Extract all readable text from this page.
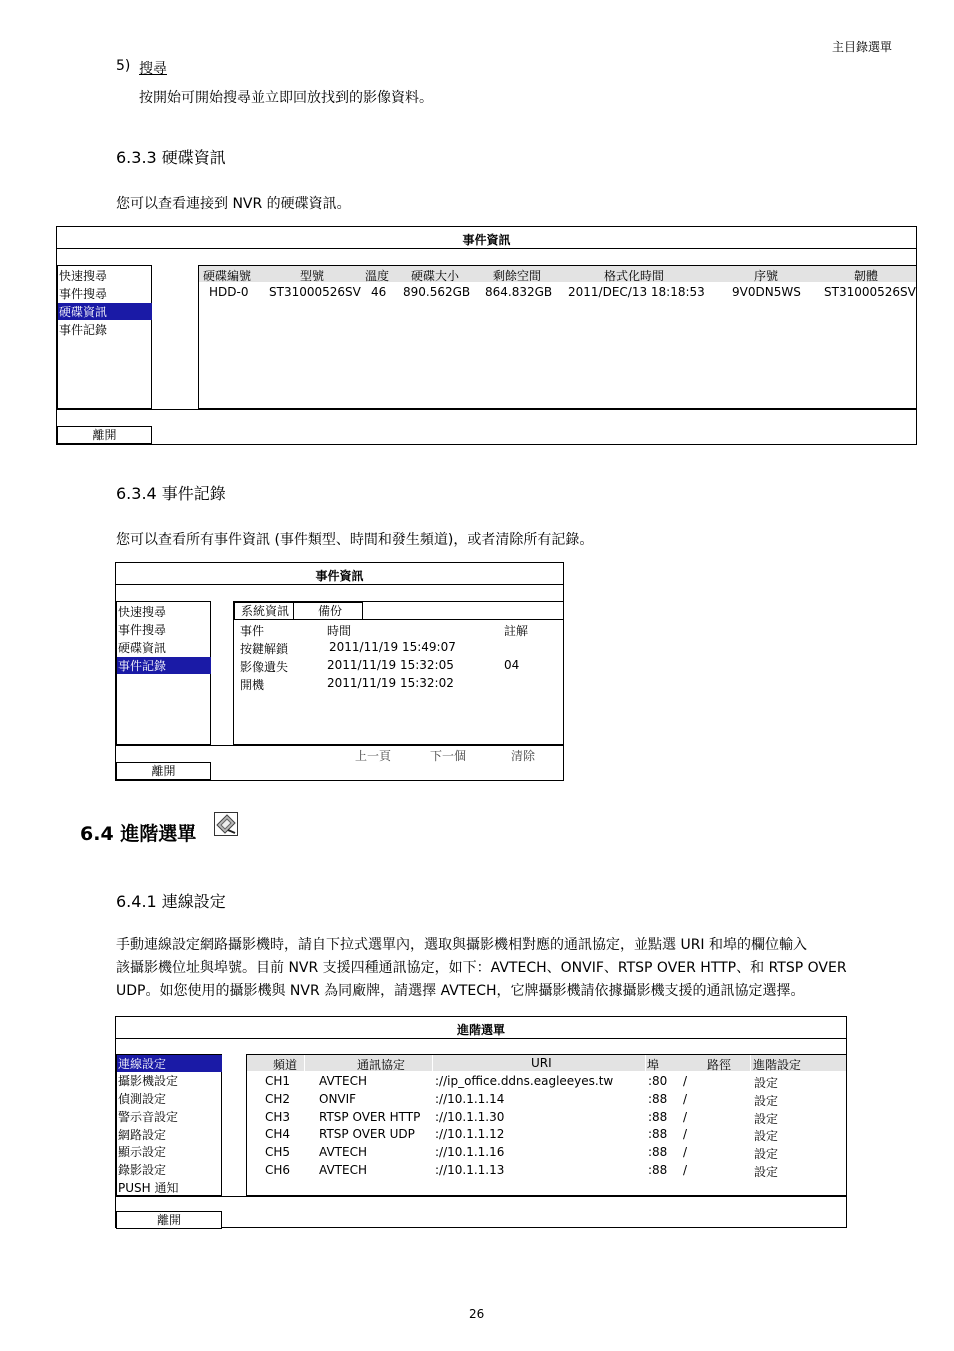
主目錄選單
5) 搜尋
按開始可開始搜尋並立即回放找到的影像資料。
6.3.3 硬碟資訊
您可以查看連接到 NVR 的硬碟資訊。
事件資訊
快速搜尋
事件搜尋
硬碟資訊
事件記錄
硬碟編號	型號	溫度 硬碟大小	剩餘空間	格式化時間	序號	韌體
HDD-0 ST31000526SV 46 890.562GB 864.832GB 2011/DEC/13 18:18:53 9V0DN5WS ST31000526SV
離開
6.3.4 事件記錄
您可以查看所有事件資訊 (事件類型、時間和發生頻道)，或者清除所有記錄。
事件資訊
快速搜尋
事件搜尋
硬碟資訊
事件記錄
系統資訊	備份
事件	時間	註解
按鍵解鎖	2011/11/19 15:49:07
影像遺失	2011/11/19 15:32:05	04
開機	2011/11/19 15:32:02
上一頁	下一個	清除
離開
6.4 進階選單
6.4.1 連線設定
手動連線設定網路攝影機時，請自下拉式選單內，選取與攝影機相對應的通訊協定，並點選 URI 和埠的欄位輸入
該攝影機位址與埠號。目前 NVR 支援四種通訊協定，如下：AVTECH、ONVIF、RTSP OVER HTTP、和 RTSP OVER
UDP。如您使用的攝影機與 NVR 為同廠牌，請選擇 AVTECH，它牌攝影機請依據攝影機支援的通訊協定選擇。
進階選單
連線設定
攝影機設定
偵測設定
警示音設定
網路設定
顯示設定
錄影設定
PUSH 通知
頻道	通訊協定	URI	埠	路徑 進階設定
CH1 AVTECH	://ip_office.ddns.eagleeyes.tw	:80 /	設定
CH2 ONVIF	://10.1.1.14	:88 /	設定
CH3 RTSP OVER HTTP ://10.1.1.30	:88 /	設定
CH4 RTSP OVER UDP ://10.1.1.12	:88 /	設定
CH5 AVTECH	://10.1.1.16	:88 /	設定
CH6 AVTECH	://10.1.1.13	:88 /	設定
離開
26
